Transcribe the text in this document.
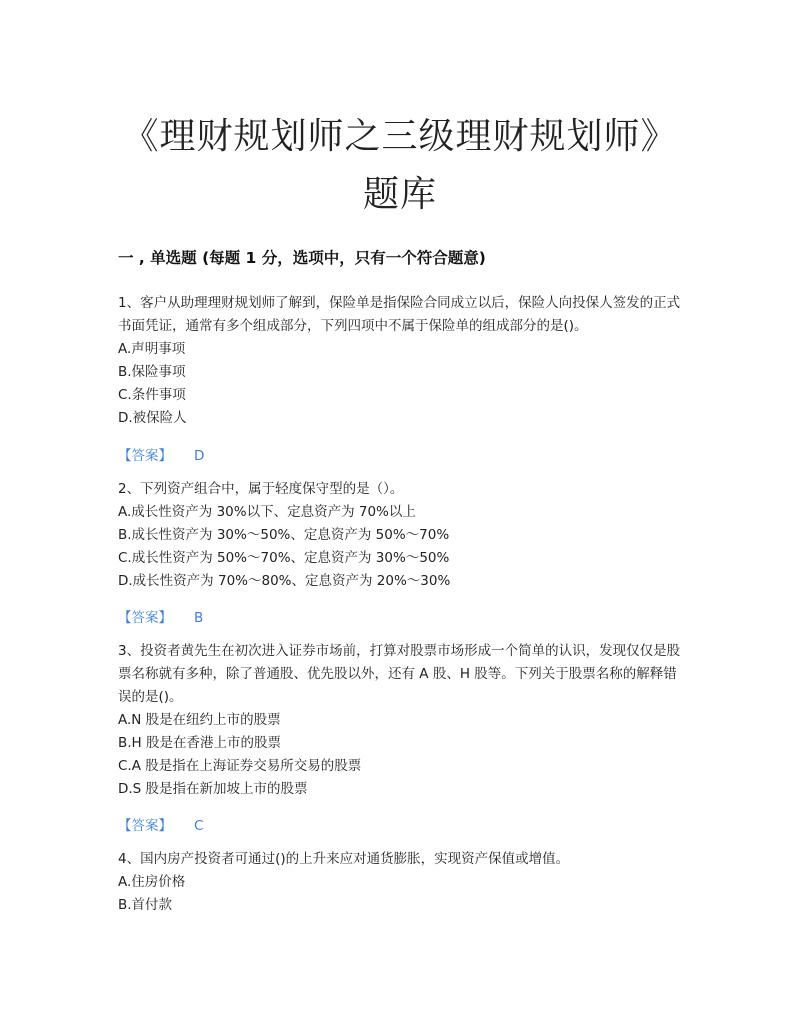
《理财规划师之三级理财规划师》题库
一 , 单选题 (每题 1 分，选项中，只有一个符合题意)

1、客户从助理理财规划师了解到，保险单是指保险合同成立以后，保险人向投保人签发的正式书面凭证，通常有多个组成部分，下列四项中不属于保险单的组成部分的是()。

A.声明事项

B.保险事项

C.条件事项

D.被保险人

【答案】 D

2、下列资产组合中，属于轻度保守型的是（）。

A.成长性资产为 30%以下、定息资产为 70%以上

B.成长性资产为 30%～50%、定息资产为 50%～70%

C.成长性资产为 50%～70%、定息资产为 30%～50%

D.成长性资产为 70%～80%、定息资产为 20%～30%

【答案】 B

3、投资者黄先生在初次进入证券市场前，打算对股票市场形成一个简单的认识，发现仅仅是股票名称就有多种，除了普通股、优先股以外，还有 A 股、H 股等。下列关于股票名称的解释错误的是()。

A.N 股是在纽约上市的股票

B.H 股是在香港上市的股票

C.A 股是指在上海证券交易所交易的股票

D.S 股是指在新加坡上市的股票

【答案】 C

4、国内房产投资者可通过()的上升来应对通货膨胀，实现资产保值或增值。

A.住房价格

B.首付款
